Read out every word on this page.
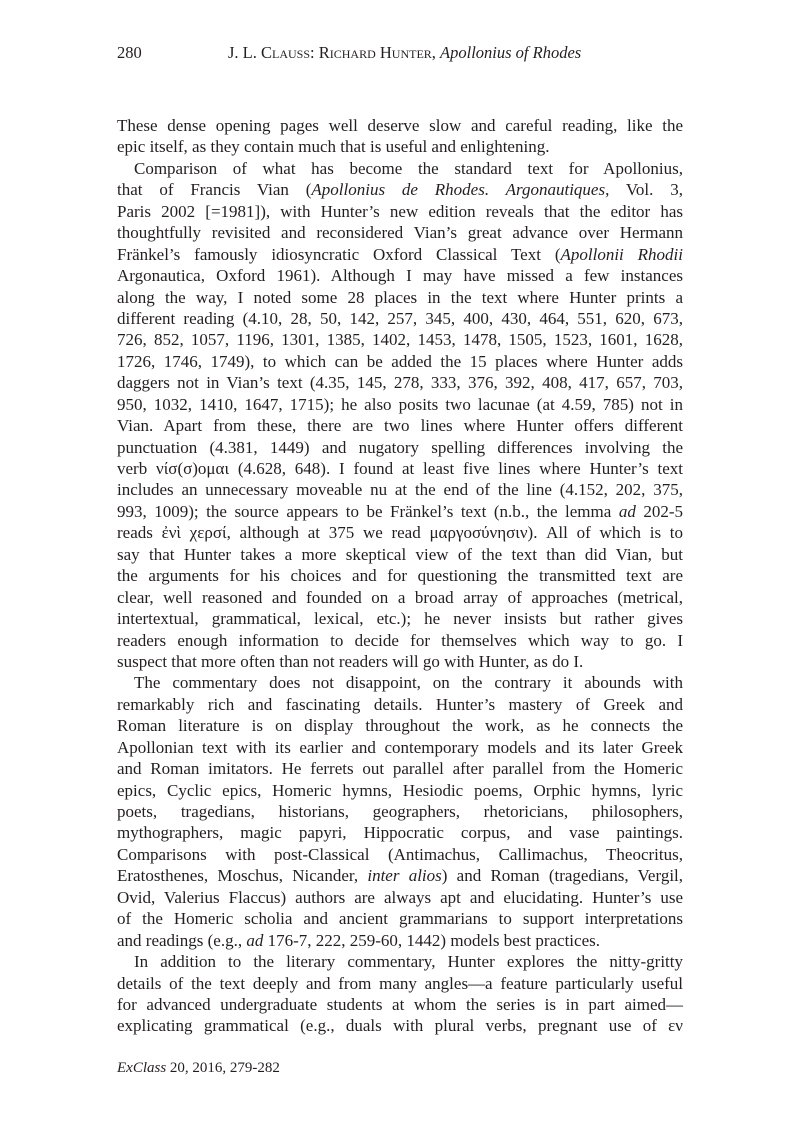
280	J. L. Clauss: Richard Hunter, Apollonius of Rhodes
These dense opening pages well deserve slow and careful reading, like the
epic itself, as they contain much that is useful and enlightening.
Comparison of what has become the standard text for Apollonius,
that of Francis Vian (Apollonius de Rhodes. Argonautiques, Vol. 3,
Paris 2002 [=1981]), with Hunter’s new edition reveals that the editor has
thoughtfully revisited and reconsidered Vian’s great advance over Hermann
Fränkel’s famously idiosyncratic Oxford Classical Text (Apollonii Rhodii
Argonautica, Oxford 1961). Although I may have missed a few instances
along the way, I noted some 28 places in the text where Hunter prints a
different reading (4.10, 28, 50, 142, 257, 345, 400, 430, 464, 551, 620, 673,
726, 852, 1057, 1196, 1301, 1385, 1402, 1453, 1478, 1505, 1523, 1601, 1628,
1726, 1746, 1749), to which can be added the 15 places where Hunter adds
daggers not in Vian’s text (4.35, 145, 278, 333, 376, 392, 408, 417, 657, 703,
950, 1032, 1410, 1647, 1715); he also posits two lacunae (at 4.59, 785) not in
Vian. Apart from these, there are two lines where Hunter offers different
punctuation (4.381, 1449) and nugatory spelling differences involving the
verb νίσ(σ)ομαι (4.628, 648). I found at least five lines where Hunter’s text
includes an unnecessary moveable nu at the end of the line (4.152, 202, 375,
993, 1009); the source appears to be Fränkel’s text (n.b., the lemma ad 202-5
reads ἐνὶ χερσί, although at 375 we read μαργοσύνησιν). All of which is to
say that Hunter takes a more skeptical view of the text than did Vian, but
the arguments for his choices and for questioning the transmitted text are
clear, well reasoned and founded on a broad array of approaches (metrical,
intertextual, grammatical, lexical, etc.); he never insists but rather gives
readers enough information to decide for themselves which way to go. I
suspect that more often than not readers will go with Hunter, as do I.
The commentary does not disappoint, on the contrary it abounds with
remarkably rich and fascinating details. Hunter’s mastery of Greek and
Roman literature is on display throughout the work, as he connects the
Apollonian text with its earlier and contemporary models and its later Greek
and Roman imitators. He ferrets out parallel after parallel from the Homeric
epics, Cyclic epics, Homeric hymns, Hesiodic poems, Orphic hymns, lyric
poets, tragedians, historians, geographers, rhetoricians, philosophers,
mythographers, magic papyri, Hippocratic corpus, and vase paintings.
Comparisons with post-Classical (Antimachus, Callimachus, Theocritus,
Eratosthenes, Moschus, Nicander, inter alios) and Roman (tragedians, Vergil,
Ovid, Valerius Flaccus) authors are always apt and elucidating. Hunter’s use
of the Homeric scholia and ancient grammarians to support interpretations
and readings (e.g., ad 176-7, 222, 259-60, 1442) models best practices.
In addition to the literary commentary, Hunter explores the nitty-gritty
details of the text deeply and from many angles—a feature particularly useful
for advanced undergraduate students at whom the series is in part aimed—
explicating grammatical (e.g., duals with plural verbs, pregnant use of εν
ExClass 20, 2016, 279-282
